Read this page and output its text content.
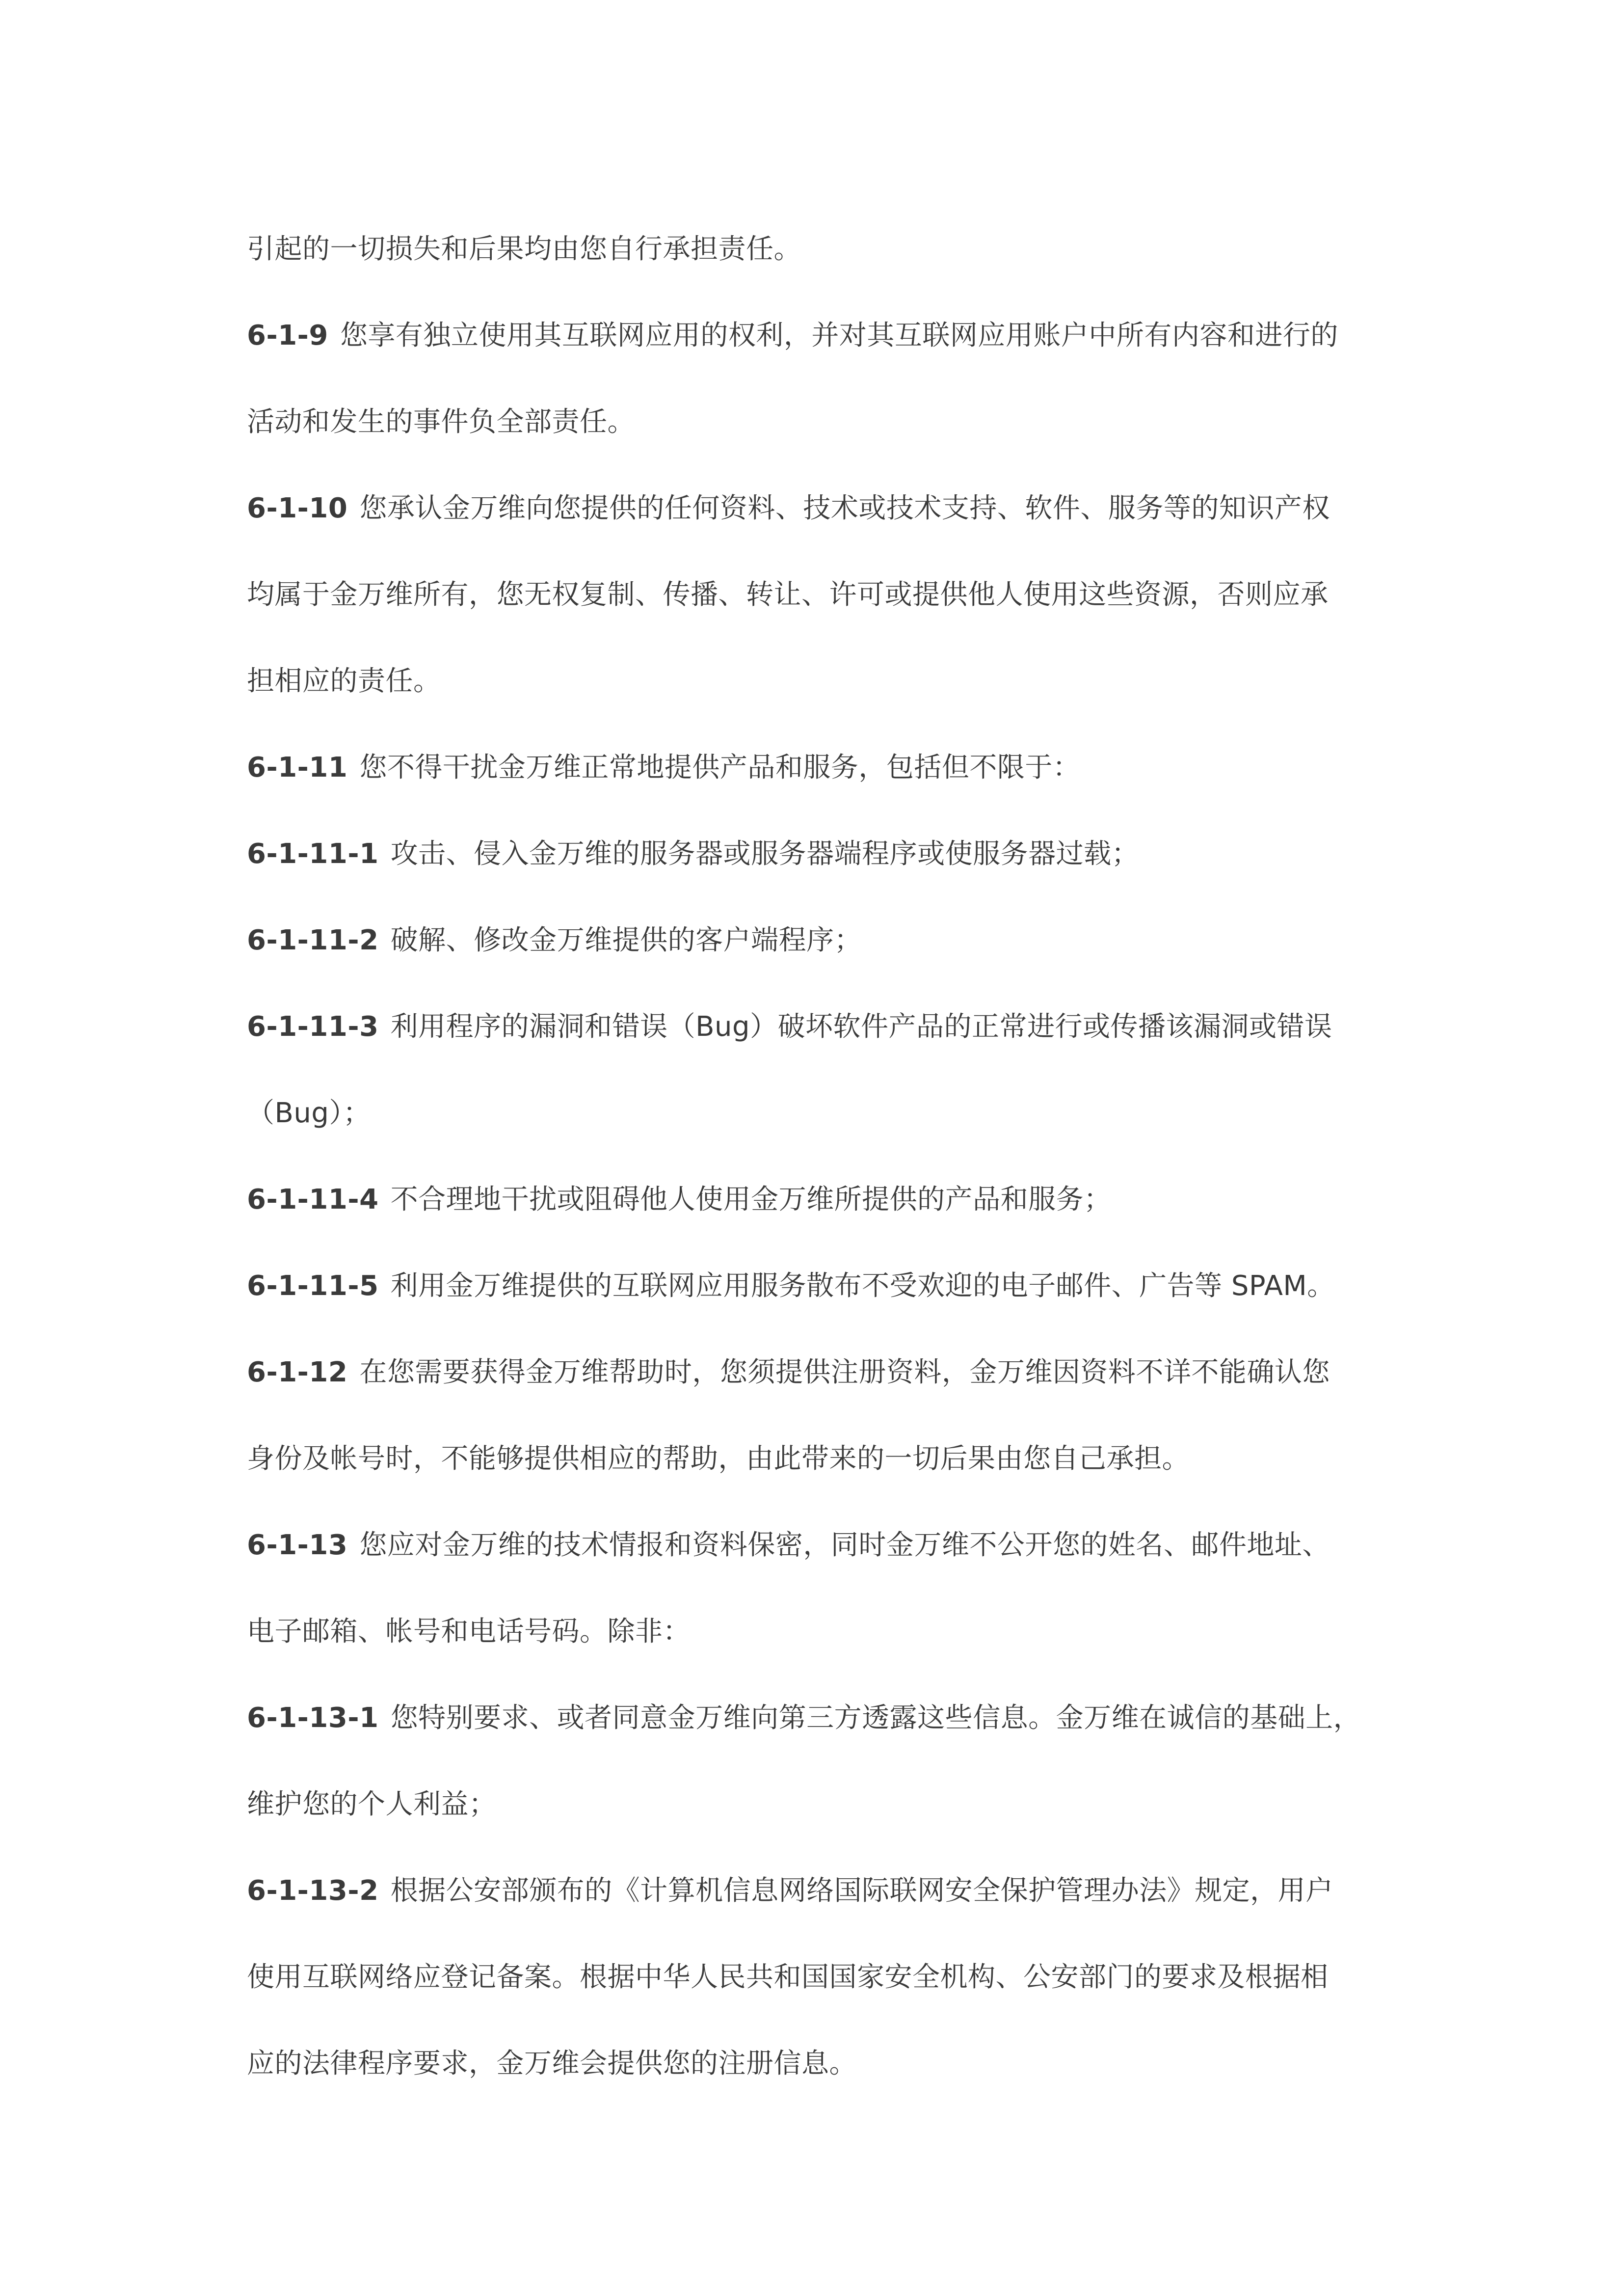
引起的一切损失和后果均由您自行承担责任。
6-1-9 您享有独立使用其互联网应用的权利，并对其互联网应用账户中所有内容和进行的
活动和发生的事件负全部责任。
6-1-10 您承认金万维向您提供的任何资料、技术或技术支持、软件、服务等的知识产权
均属于金万维所有，您无权复制、传播、转让、许可或提供他人使用这些资源，否则应承
担相应的责任。
6-1-11 您不得干扰金万维正常地提供产品和服务，包括但不限于：
6-1-11-1 攻击、侵入金万维的服务器或服务器端程序或使服务器过载；
6-1-11-2 破解、修改金万维提供的客户端程序；
6-1-11-3 利用程序的漏洞和错误（Bug）破坏软件产品的正常进行或传播该漏洞或错误
（Bug）；
6-1-11-4 不合理地干扰或阻碍他人使用金万维所提供的产品和服务；
6-1-11-5 利用金万维提供的互联网应用服务散布不受欢迎的电子邮件、广告等 SPAM。
6-1-12 在您需要获得金万维帮助时，您须提供注册资料，金万维因资料不详不能确认您
身份及帐号时，不能够提供相应的帮助，由此带来的一切后果由您自己承担。
6-1-13 您应对金万维的技术情报和资料保密，同时金万维不公开您的姓名、邮件地址、
电子邮箱、帐号和电话号码。除非：
6-1-13-1 您特别要求、或者同意金万维向第三方透露这些信息。金万维在诚信的基础上，
维护您的个人利益；
6-1-13-2 根据公安部颁布的《计算机信息网络国际联网安全保护管理办法》规定，用户
使用互联网络应登记备案。根据中华人民共和国国家安全机构、公安部门的要求及根据相
应的法律程序要求，金万维会提供您的注册信息。
